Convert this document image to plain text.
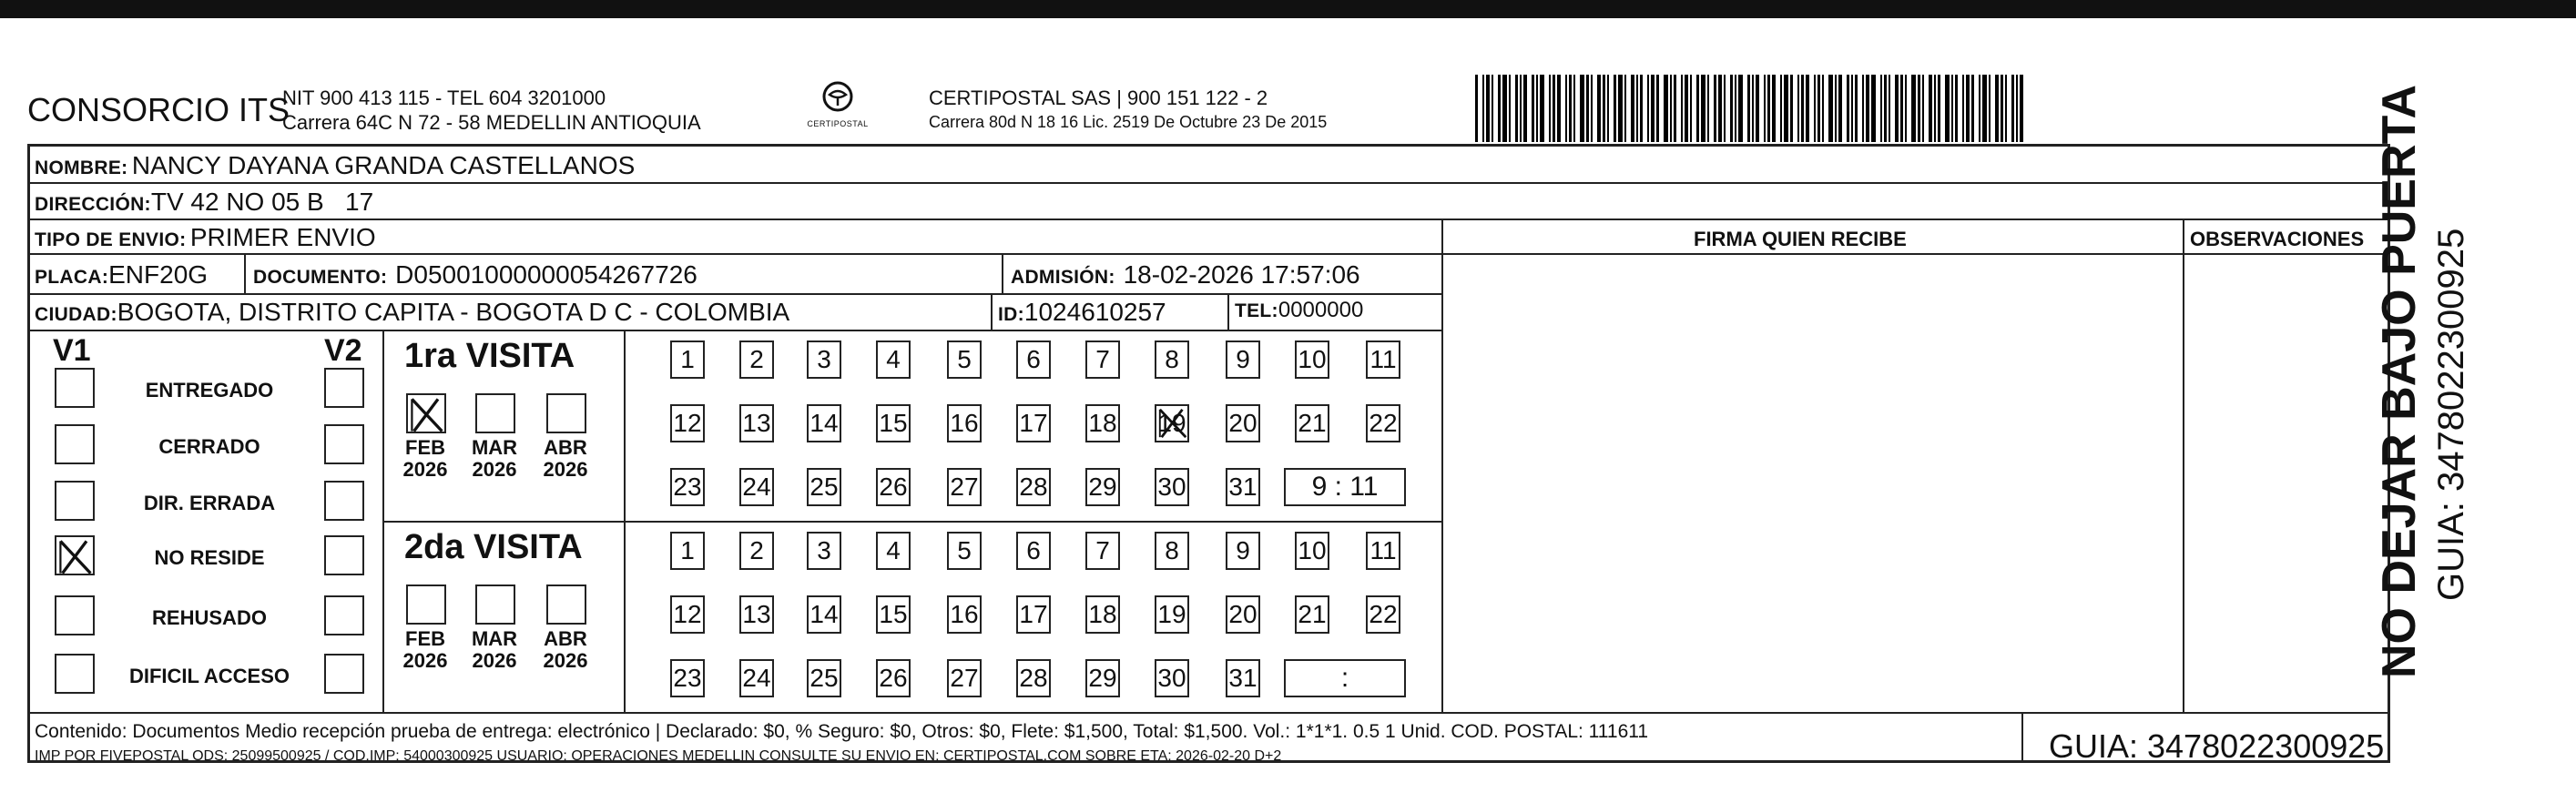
CONSORCIO ITS
NIT 900 413 115 - TEL 604 3201000
Carrera 64C N 72 - 58 MEDELLIN ANTIOQUIA	CERTIPOSTAL
CERTIPOSTAL SAS | 900 151 122 - 2
Carrera 80d N 18 16 Lic. 2519 De Octubre 23 De 2015
NOMBRE: NANCY DAYANA GRANDA CASTELLANOS
DIRECCIÓN:TV 42 NO 05 B   17
TIPO DE ENVIO: PRIMER ENVIO	FIRMA QUIEN RECIBE	OBSERVACIONES
PLACA:ENF20G DOCUMENTO: D05001000000054267726	ADMISIÓN: 18-02-2026 17:57:06
CIUDAD:BOGOTA, DISTRITO CAPITA - BOGOTA D C - COLOMBIA	ID:1024610257	TEL:0000000
V1	V2
ENTREGADO
CERRADO
DIR. ERRADA
NO RESIDE
REHUSADO
DIFICIL ACCESO
1ra VISITA
2da VISITA
FEB
2026
MAR
2026
ABR
2026
1	2	3	4	5	6	7	8	9	10 11
12 13 14 15 16 17 18 19 20 21 22
23 24 25 26 27 28 29 30 31	9 : 11
FEB
2026
MAR
2026
ABR
2026
1	2	3	4	5	6	7	8	9	10 11
12 13 14 15 16 17 18 19 20 21 22
23 24 25 26 27 28 29 30 31	:
Contenido: Documentos Medio recepción prueba de entrega: electrónico | Declarado: $0, % Seguro: $0, Otros: $0, Flete: $1,500, Total: $1,500. Vol.: 1*1*1. 0.5 1 Unid. COD. POSTAL: 111611
IMP POR FIVEPOSTAL ODS: 25099500925 / COD.IMP: 54000300925 USUARIO: OPERACIONES MEDELLIN CONSULTE SU ENVIO EN: CERTIPOSTAL.COM SOBRE ETA: 2026-02-20 D+2	GUIA: 3478022300925
NO DEJAR BAJO PUERTA GUIA: 3478022300925
